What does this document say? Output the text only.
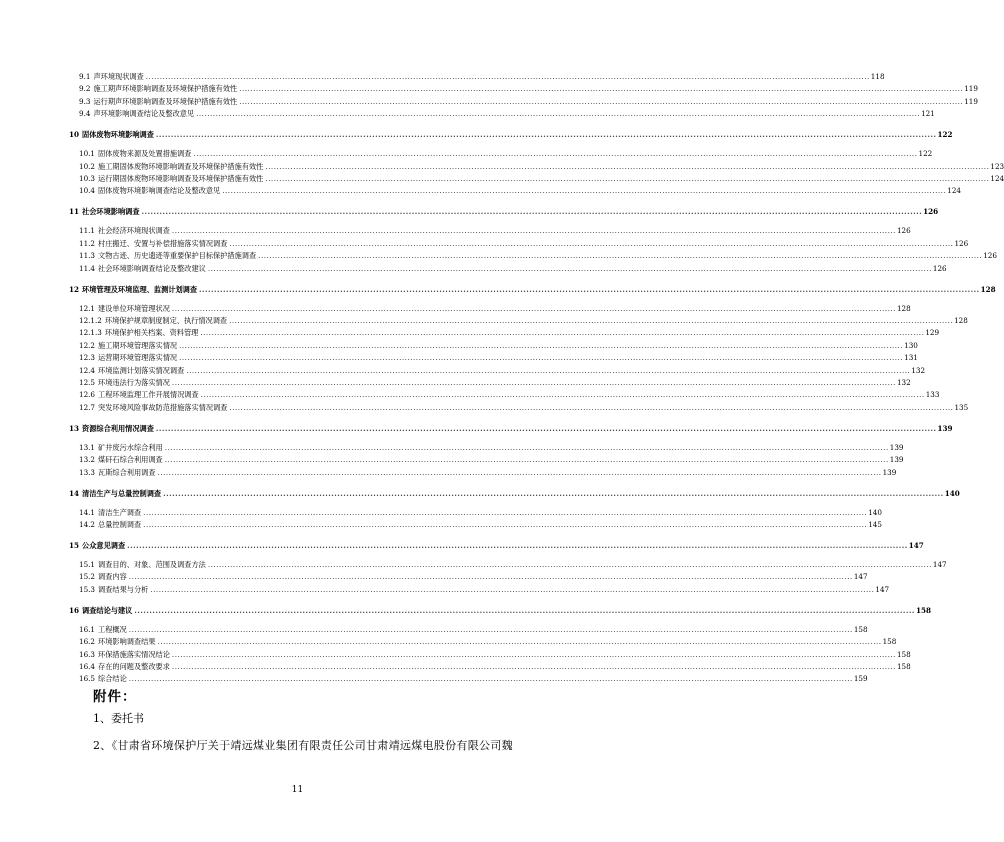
9.1 声环境现状调查 .................................................................................................................................................................................................................................................................... 118
9.2 施工期声环境影响调查及环境保护措施有效性 .................................................................................................................................................................................................................................................................... 119
9.3 运行期声环境影响调查及环境保护措施有效性 .................................................................................................................................................................................................................................................................... 119
9.4 声环境影响调查结论及整改意见 .................................................................................................................................................................................................................................................................... 121
10 固体废物环境影响调查 .................................................................................................................................................................................................................................................................... 122
10.1 固体废物来源及处置措施调查 .................................................................................................................................................................................................................................................................... 122
10.2 施工期固体废物环境影响调查及环境保护措施有效性 .................................................................................................................................................................................................................................................................... 123
10.3 运行期固体废物环境影响调查及环境保护措施有效性 .................................................................................................................................................................................................................................................................... 124
10.4 固体废物环境影响调查结论及整改意见 .................................................................................................................................................................................................................................................................... 124
11 社会环境影响调查 .................................................................................................................................................................................................................................................................... 126
11.1 社会经济环境现状调查 .................................................................................................................................................................................................................................................................... 126
11.2 村庄搬迁、安置与补偿措施落实情况调查 .................................................................................................................................................................................................................................................................... 126
11.3 文物古迹、历史遗迹等重要保护目标保护措施调查 .................................................................................................................................................................................................................................................................... 126
11.4 社会环境影响调查结论及整改建议 .................................................................................................................................................................................................................................................................... 126
12 环境管理及环境监理、监测计划调查 .................................................................................................................................................................................................................................................................... 128
12.1 建设单位环境管理状况 .................................................................................................................................................................................................................................................................... 128
12.1.2 环境保护规章制度制定、执行情况调查 .................................................................................................................................................................................................................................................................... 128
12.1.3 环境保护相关档案、资料管理 .................................................................................................................................................................................................................................................................... 129
12.2 施工期环境管理落实情况 .................................................................................................................................................................................................................................................................... 130
12.3 运营期环境管理落实情况 .................................................................................................................................................................................................................................................................... 131
12.4 环境监测计划落实情况调查 .................................................................................................................................................................................................................................................................... 132
12.5 环境违法行为落实情况 .................................................................................................................................................................................................................................................................... 132
12.6 工程环境监理工作开展情况调查 .................................................................................................................................................................................................................................................................... 133
12.7 突发环境风险事故防范措施落实情况调查 .................................................................................................................................................................................................................................................................... 135
13 资源综合利用情况调查 .................................................................................................................................................................................................................................................................... 139
13.1 矿井废污水综合利用 .................................................................................................................................................................................................................................................................... 139
13.2 煤矸石综合利用调查 .................................................................................................................................................................................................................................................................... 139
13.3 瓦斯综合利用调查 .................................................................................................................................................................................................................................................................... 139
14 清洁生产与总量控制调查 .................................................................................................................................................................................................................................................................... 140
14.1 清洁生产调查 .................................................................................................................................................................................................................................................................... 140
14.2 总量控制调查 .................................................................................................................................................................................................................................................................... 145
15 公众意见调查 .................................................................................................................................................................................................................................................................... 147
15.1 调查目的、对象、范围及调查方法 .................................................................................................................................................................................................................................................................... 147
15.2 调查内容 .................................................................................................................................................................................................................................................................... 147
15.3 调查结果与分析 .................................................................................................................................................................................................................................................................... 147
16 调查结论与建议 .................................................................................................................................................................................................................................................................... 158
16.1 工程概况 .................................................................................................................................................................................................................................................................... 158
16.2 环境影响调查结果 .................................................................................................................................................................................................................................................................... 158
16.3 环保措施落实情况结论 .................................................................................................................................................................................................................................................................... 158
16.4 存在的问题及整改要求 .................................................................................................................................................................................................................................................................... 158
16.5 综合结论 .................................................................................................................................................................................................................................................................... 159
附件：
1、委托书
2、《甘肃省环境保护厅关于靖远煤业集团有限责任公司甘肃靖远煤电股份有限公司魏
11
